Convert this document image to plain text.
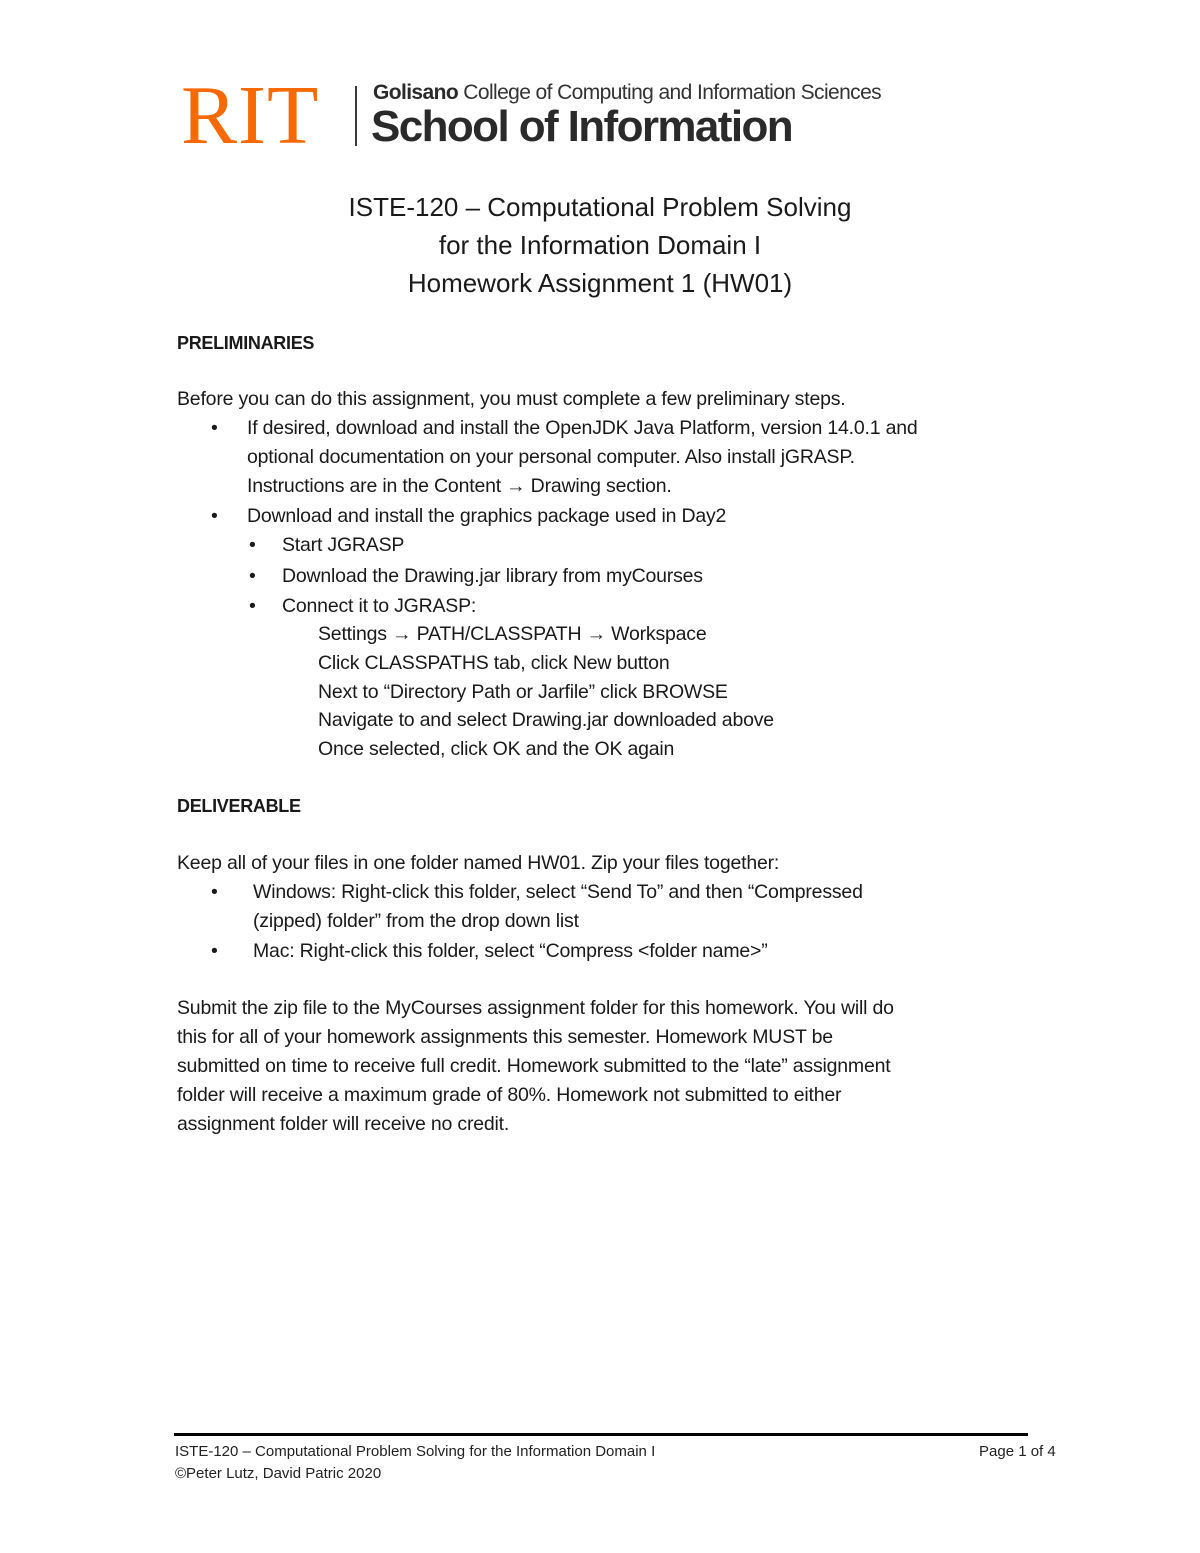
RIT	Golisano College of Computing and Information Sciences
School of Information
ISTE-120 – Computational Problem Solving
for the Information Domain I
Homework Assignment 1 (HW01)
PRELIMINARIES
Before you can do this assignment, you must complete a few preliminary steps.
• If desired, download and install the OpenJDK Java Platform, version 14.0.1 and
optional documentation on your personal computer. Also install jGRASP.
Instructions are in the Content → Drawing section.
• Download and install the graphics package used in Day2
• Start JGRASP
• Download the Drawing.jar library from myCourses
• Connect it to JGRASP:
Settings → PATH/CLASSPATH → Workspace
Click CLASSPATHS tab, click New button
Next to “Directory Path or Jarfile” click BROWSE
Navigate to and select Drawing.jar downloaded above
Once selected, click OK and the OK again
DELIVERABLE
Keep all of your files in one folder named HW01. Zip your files together:
• Windows: Right-click this folder, select “Send To” and then “Compressed
(zipped) folder” from the drop down list
• Mac: Right-click this folder, select “Compress <folder name>”
Submit the zip file to the MyCourses assignment folder for this homework. You will do
this for all of your homework assignments this semester. Homework MUST be
submitted on time to receive full credit. Homework submitted to the “late” assignment
folder will receive a maximum grade of 80%. Homework not submitted to either
assignment folder will receive no credit.
ISTE-120 – Computational Problem Solving for the Information Domain I
©Peter Lutz, David Patric 2020
Page 1 of 4
